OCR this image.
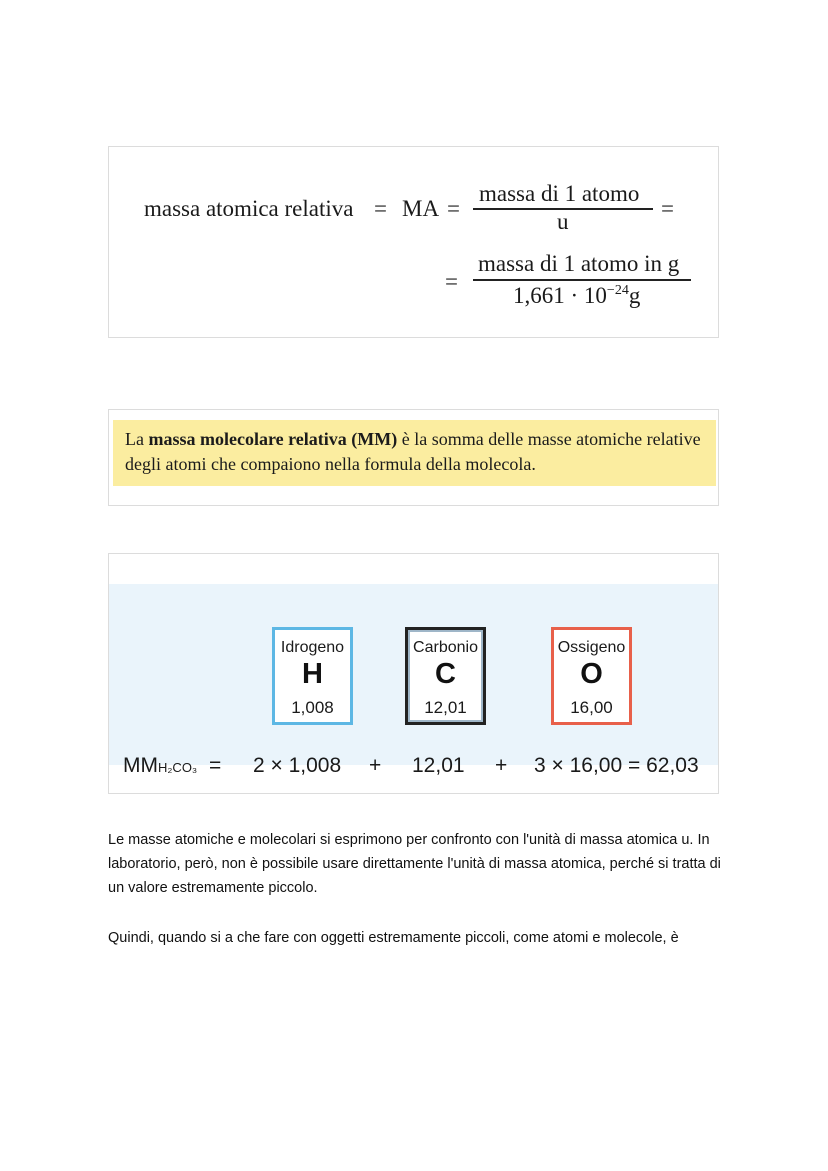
massa atomica relativa = MA =
massa di 1 atomo
u
=
=
massa di 1 atomo in g
$1,661 \cdot 10^{-24}g$
La massa molecolare relativa (MM) è la somma delle masse atomiche relative
degli atomi che compaiono nella formula della molecola.
Idrogeno
H
1,008
Carbonio
C
12,01
Ossigeno
O
16,00
MMH₂CO₃ = 2 × 1,008 + 12,01 + 3 × 16,00 = 62,03

Le masse atomiche e molecolari si esprimono per confronto con l'unità di massa atomica u. In laboratorio, però, non è possibile usare direttamente l'unità di massa atomica, perché si tratta di un valore estremamente piccolo.

Quindi, quando si a che fare con oggetti estremamente piccoli, come atomi e molecole, è
